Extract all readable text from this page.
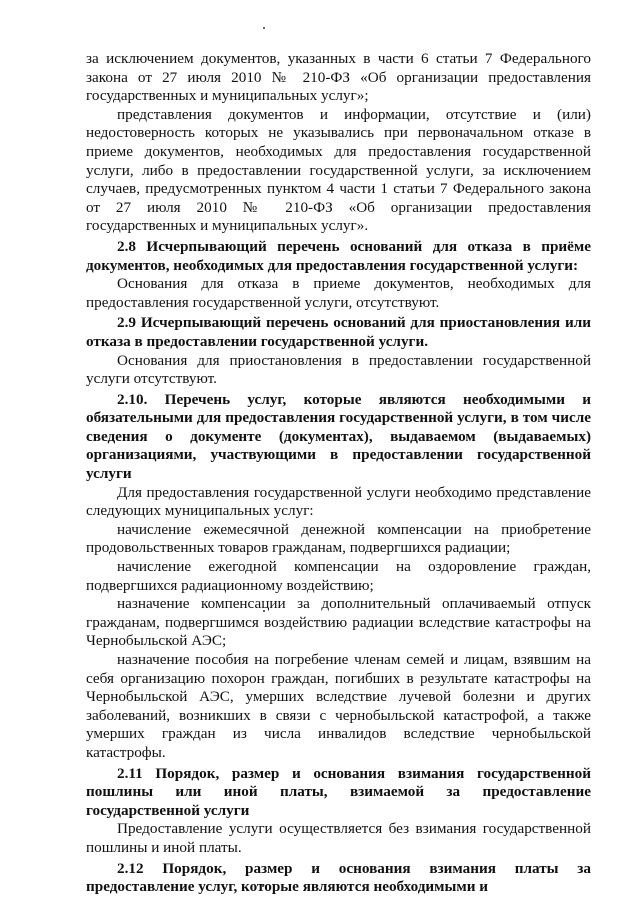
за исключением документов, указанных в части 6 статьи 7 Федерального закона от 27 июля 2010 № 210-ФЗ «Об организации предоставления государственных и муниципальных услуг»;

представления документов и информации, отсутствие и (или) недостоверность которых не указывались при первоначальном отказе в приеме документов, необходимых для предоставления государственной услуги, либо в предоставлении государственной услуги, за исключением случаев, предусмотренных пунктом 4 части 1 статьи 7 Федерального закона от 27 июля 2010 № 210-ФЗ «Об организации предоставления государственных и муниципальных услуг».

2.8 Исчерпывающий перечень оснований для отказа в приёме документов, необходимых для предоставления государственной услуги:

Основания для отказа в приеме документов, необходимых для предоставления государственной услуги, отсутствуют.

2.9 Исчерпывающий перечень оснований для приостановления или отказа в предоставлении государственной услуги.

Основания для приостановления в предоставлении государственной услуги отсутствуют.

2.10. Перечень услуг, которые являются необходимыми и обязательными для предоставления государственной услуги, в том числе сведения о документе (документах), выдаваемом (выдаваемых) организациями, участвующими в предоставлении государственной услуги

Для предоставления государственной услуги необходимо представление следующих муниципальных услуг:

начисление ежемесячной денежной компенсации на приобретение продовольственных товаров гражданам, подвергшихся радиации;

начисление ежегодной компенсации на оздоровление граждан, подвергшихся радиационному воздействию;

назначение компенсации за дополнительный оплачиваемый отпуск гражданам, подвергшимся воздействию радиации вследствие катастрофы на Чернобыльской АЭС;

назначение пособия на погребение членам семей и лицам, взявшим на себя организацию похорон граждан, погибших в результате катастрофы на Чернобыльской АЭС, умерших вследствие лучевой болезни и других заболеваний, возникших в связи с чернобыльской катастрофой, а также умерших граждан из числа инвалидов вследствие чернобыльской катастрофы.

2.11 Порядок, размер и основания взимания государственной пошлины или иной платы, взимаемой за предоставление государственной услуги

Предоставление услуги осуществляется без взимания государственной пошлины и иной платы.

2.12 Порядок, размер и основания взимания платы за предоставление услуг, которые являются необходимыми и
